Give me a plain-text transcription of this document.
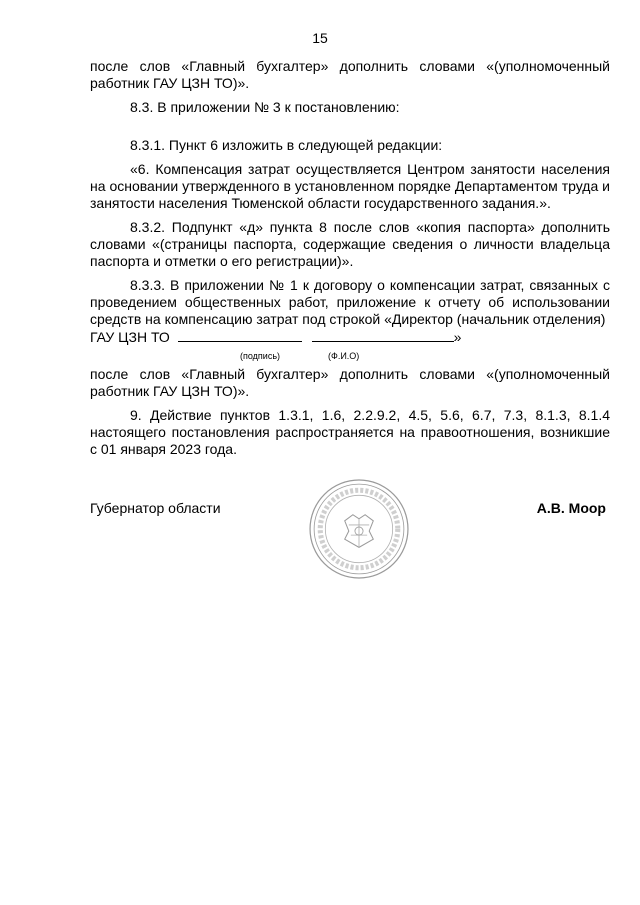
15

после слов «Главный бухгалтер» дополнить словами «(уполномоченный работник ГАУ ЦЗН ТО)».

8.3. В приложении № 3 к постановлению:

8.3.1. Пункт 6 изложить в следующей редакции:

«6. Компенсация затрат осуществляется Центром занятости населения на основании утвержденного в установленном порядке Департаментом труда и занятости населения Тюменской области государственного задания.».

8.3.2. Подпункт «д» пункта 8 после слов «копия паспорта» дополнить словами «(страницы паспорта, содержащие сведения о личности владельца паспорта и отметки о его регистрации)».

8.3.3. В приложении № 1 к договору о компенсации затрат, связанных с проведением общественных работ, приложение к отчету об использовании средств на компенсацию затрат под строкой «Директор (начальник отделения)

ГАУ ЦЗН ТО	»
(подпись)	(Ф.И.О)

после слов «Главный бухгалтер» дополнить словами «(уполномоченный работник ГАУ ЦЗН ТО)».

9. Действие пунктов 1.3.1, 1.6, 2.2.9.2, 4.5, 5.6, 6.7, 7.3, 8.1.3, 8.1.4 настоящего постановления распространяется на правоотношения, возникшие с 01 января 2023 года.

Губернатор области	А.В. Моор
